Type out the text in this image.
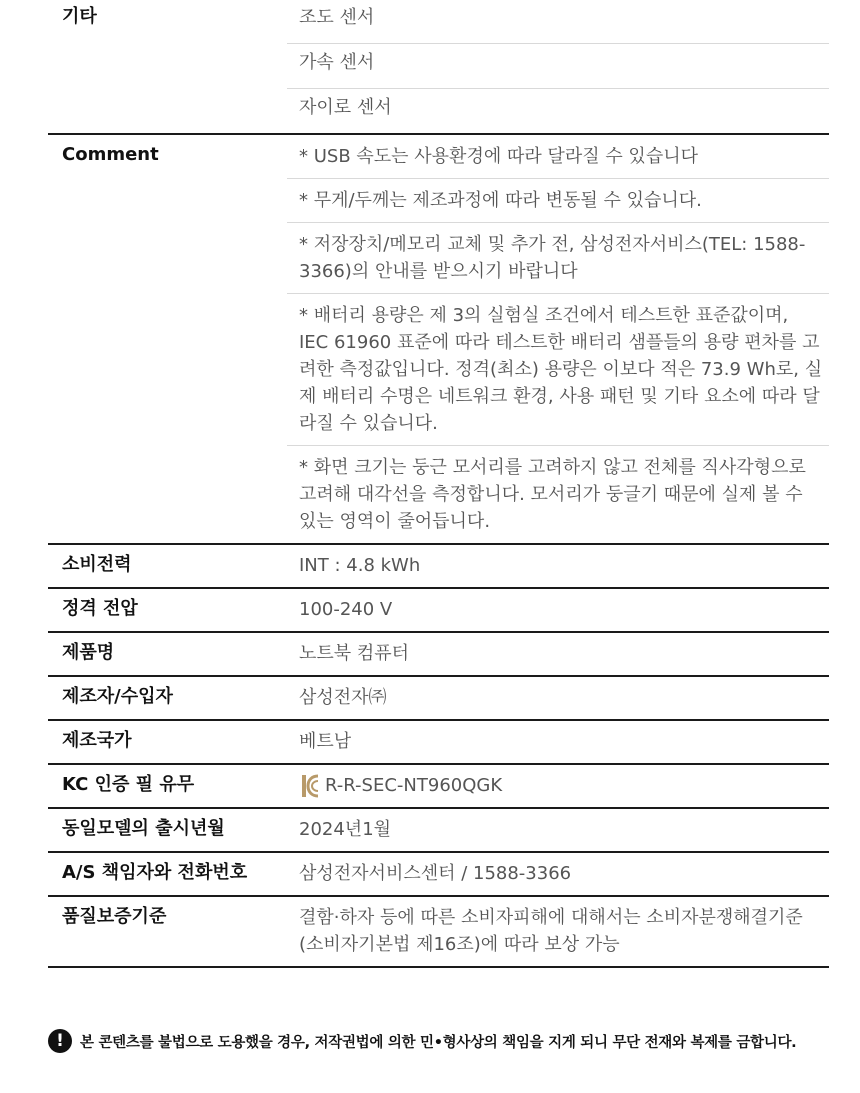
기타	조도 센서
가속 센서
자이로 센서
Comment	* USB 속도는 사용환경에 따라 달라질 수 있습니다
* 무게/두께는 제조과정에 따라 변동될 수 있습니다.
* 저장장치/메모리 교체 및 추가 전, 삼성전자서비스(TEL: 1588-3366)의 안내를 받으시기 바랍니다
* 배터리 용량은 제 3의 실험실 조건에서 테스트한 표준값이며, IEC 61960 표준에 따라 테스트한 배터리 샘플들의 용량 편차를 고려한 측정값입니다. 정격(최소) 용량은 이보다 적은 73.9 Wh로, 실제 배터리 수명은 네트워크 환경, 사용 패턴 및 기타 요소에 따라 달라질 수 있습니다.
* 화면 크기는 둥근 모서리를 고려하지 않고 전체를 직사각형으로 고려해 대각선을 측정합니다. 모서리가 둥글기 때문에 실제 볼 수 있는 영역이 줄어듭니다.
소비전력	INT : 4.8 kWh
정격 전압	100-240 V
제품명	노트북 컴퓨터
제조자/수입자	삼성전자㈜
제조국가	베트남
KC 인증 필 유무	R-R-SEC-NT960QGK
동일모델의 출시년월	2024년1월
A/S 책임자와 전화번호	삼성전자서비스센터 / 1588-3366
품질보증기준	결함·하자 등에 따른 소비자피해에 대해서는 소비자분쟁해결기준(소비자기본법 제16조)에 따라 보상 가능
!	본 콘텐츠를 불법으로 도용했을 경우, 저작권법에 의한 민•형사상의 책임을 지게 되니 무단 전재와 복제를 금합니다.
